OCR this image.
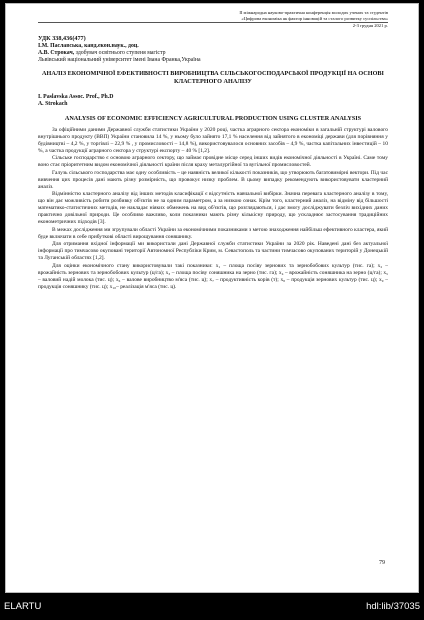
ІІ міжнародна науково-практична конференція молодих учених та студентів
«Цифрова економіка як фактор інновацій та сталого розвитку суспільства»
2-3 грудня 2021 р.
УДК 338,436(477)
І.М. Паславська, канд.екон.наук., доц.
А.В. Строкач, здобувач освітнього ступеня магістр
Львівський національний університет імені Івана Франка,Україна
АНАЛІЗ ЕКОНОМІЧНОЇ ЕФЕКТИВНОСТІ ВИРОБНИЦТВА СІЛЬСЬКОГОСПОДАРСЬКОЇ ПРОДУКЦІЇ НА ОСНОВІ КЛАСТЕРНОГО АНАЛІЗУ
I. Paslavska Assoc. Prof., Ph.D
A. Strokach
ANALYSIS OF ECONOMIC EFFICIENCY AGRICULTURAL PRODUCTION USING CLUSTER ANALYSIS

За офіційними даними Державної служби статистики України у 2020 році, частка аграрного сектора економіки в загальній структурі валового внутрішнього продукту (ВВП) України становила 14 %, у ньому було зайнято 17,1 % населення від зайнятого в економіці держави (для порівняння у будівництві – 4,2 %, у торгівлі – 22,9 % , у промисловості – 14,8 %), використовувалося основних засобів – 4,9 %, частка капітальних інвестицій – 10 %, а частка продукції аграрного сектора у структурі експорту – 40 % [1,2].

Сільське господарство є основою аграрного сектору, що займає провідне місце серед інших видів економічної діяльності в Україні. Саме тому воно стає пріоритетним видом економічної діяльності країни після краху металургійної та вугільної промисловостей.

Галузь сільського господарства має одну особливість – це наявність великої кількості показників, що утворюють багатовимірні вектори. Під час вивчення цих процесів дані мають різну розмірність, що провокує низку проблем. В цьому випадку рекомендують використовувати кластерний аналіз.

Відмінністю кластерного аналізу від інших методів класифікації є відсутність навчальної вибірки. Значна перевага кластерного аналізу в тому, що він дає можливість робити розбивку об'єктів не за одним параметром, а за низкою ознак. Крім того, кластерний аналіз, на відміну від більшості математико-статистичних методів, не накладає ніяких обмежень на вид об'єктів, що розглядаються, і дає змогу досліджувати безліч вихідних даних практично довільної природи. Це особливо важливо, коли показники мають різну кількісну природу, що ускладнює застосування традиційних економетричних підходів [3].

В межах дослідження ми згрупували області України за економічними показниками з метою знаходження найбільш ефективного кластера, який буде включати в себе прибуткові області вирощування соняшнику.

Для отримання вхідної інформації ми використали дані Державної служби статистики України за 2020 рік. Наведені дані без актуальної інформації про тимчасово окуповані території Автономної Республіки Крим, м. Севастополь та частини тимчасово окупованих територій у Донецькій та Луганській областях [1,2].

Для оцінки економічного стану використовували такі показники: x₁ – площа посіву зернових та зернобобових культур (тис. га); x₂ – врожайність зернових та зернобобових культур (ц/га); x₃ – площа посіву соняшника на зерно (тис. га); x₄ – врожайність соняшника на зерно (ц/га); x₅ – валовий надій молока (тис. ц); x₆ – валове виробництво м'яса (тис. ц); x₇ – продуктивність корів (т); x₈ – продукція зернових культур (тис. ц); x₉ – продукція соняшнику (тис. ц); x₁₀– реалізація м'яса (тис. ц).

79
ELARTU	hdl:lib/37035
